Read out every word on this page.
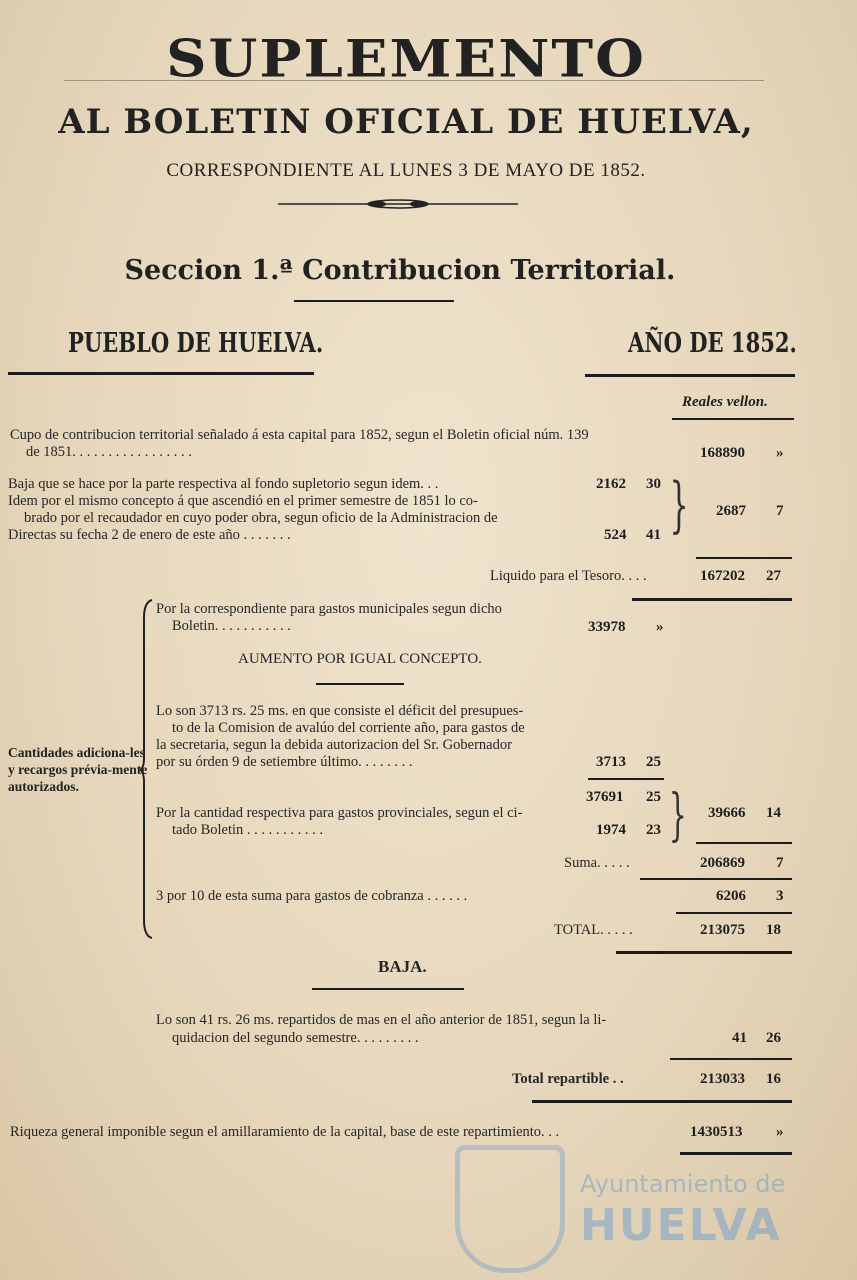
SUPLEMENTO
AL BOLETIN OFICIAL DE HUELVA,
CORRESPONDIENTE AL LUNES 3 DE MAYO DE 1852.
Seccion 1.ª Contribucion Territorial.
PUEBLO DE HUELVA.	AÑO DE 1852.
Reales vellon.
Cupo de contribucion territorial señalado á esta capital para 1852, segun el Boletin oficial núm. 139
de 1851. . . . . . . . . . . . . . . . .	168890 »
Baja que se hace por la parte respectiva al fondo supletorio segun idem. . .	2162 30
Idem por el mismo concepto á que ascendió en el primer semestre de 1851 lo co-
brado por el recaudador en cuyo poder obra, segun oficio de la Administracion de
Directas su fecha 2 de enero de este año . . . . . . .	524 41 } 2687 7
Liquido para el Tesoro. . . .	167202 27
Cantidades adiciona-les y recargos prévia-mente autorizados.
Por la correspondiente para gastos municipales segun dicho
Boletin. . . . . . . . . . .	33978 »
AUMENTO POR IGUAL CONCEPTO.
Lo son 3713 rs. 25 ms. en que consiste el déficit del presupues-
to de la Comision de avalúo del corriente año, para gastos de
la secretaria, segun la debida autorizacion del Sr. Gobernador
por su órden 9 de setiembre último. . . . . . . .	3713 25
37691 25
Por la cantidad respectiva para gastos provinciales, segun el ci-
tado Boletin . . . . . . . . . . .	1974 23 } 39666 14
Suma. . . . .	206869 7
3 por 10 de esta suma para gastos de cobranza . . . . . .	6206 3
TOTAL. . . . .	213075 18
BAJA.
Lo son 41 rs. 26 ms. repartidos de mas en el año anterior de 1851, segun la li-
quidacion del segundo semestre. . . . . . . . .	41 26
Total repartible . .	213033 16
Riqueza general imponible segun el amillaramiento de la capital, base de este repartimiento. . .	1430513 »
Ayuntamiento de
HUELVA
